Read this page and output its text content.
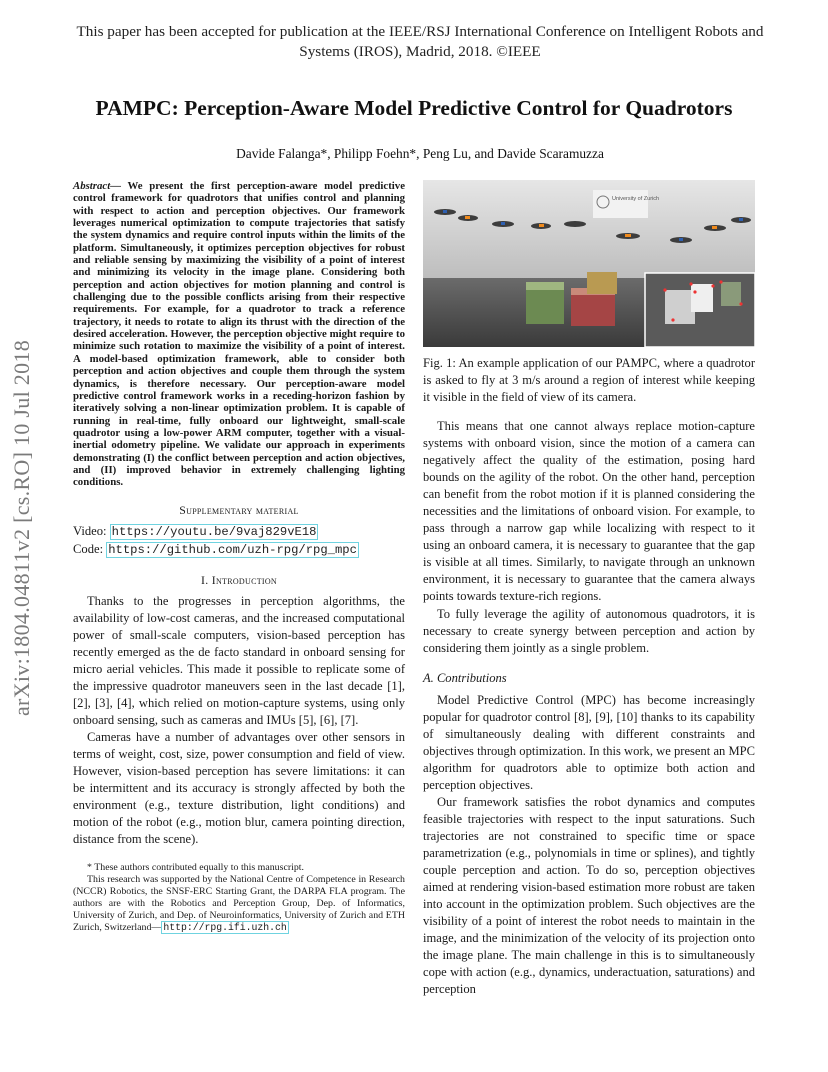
This paper has been accepted for publication at the IEEE/RSJ International Conference on Intelligent Robots and Systems (IROS), Madrid, 2018. ©IEEE
PAMPC: Perception-Aware Model Predictive Control for Quadrotors
Davide Falanga*, Philipp Foehn*, Peng Lu, and Davide Scaramuzza
arXiv:1804.04811v2 [cs.RO] 10 Jul 2018

Abstract— We present the first perception-aware model predictive control framework for quadrotors that unifies control and planning with respect to action and perception objectives. Our framework leverages numerical optimization to compute trajectories that satisfy the system dynamics and require control inputs within the limits of the platform. Simultaneously, it optimizes perception objectives for robust and reliable sensing by maximizing the visibility of a point of interest and minimizing its velocity in the image plane. Considering both perception and action objectives for motion planning and control is challenging due to the possible conflicts arising from their respective requirements. For example, for a quadrotor to track a reference trajectory, it needs to rotate to align its thrust with the direction of the desired acceleration. However, the perception objective might require to minimize such rotation to maximize the visibility of a point of interest. A model-based optimization framework, able to consider both perception and action objectives and couple them through the system dynamics, is therefore necessary. Our perception-aware model predictive control framework works in a receding-horizon fashion by iteratively solving a non-linear optimization problem. It is capable of running in real-time, fully onboard our lightweight, small-scale quadrotor using a low-power ARM computer, together with a visual-inertial odometry pipeline. We validate our approach in experiments demonstrating (I) the conflict between perception and action objectives, and (II) improved behavior in extremely challenging lighting conditions.

Supplementary material
Video: https://youtu.be/9vaj829vE18
Code: https://github.com/uzh-rpg/rpg_mpc
I. Introduction

Thanks to the progresses in perception algorithms, the availability of low-cost cameras, and the increased computational power of small-scale computers, vision-based perception has recently emerged as the de facto standard in onboard sensing for micro aerial vehicles. This made it possible to replicate some of the impressive quadrotor maneuvers seen in the last decade [1], [2], [3], [4], which relied on motion-capture systems, using only onboard sensing, such as cameras and IMUs [5], [6], [7].

Cameras have a number of advantages over other sensors in terms of weight, cost, size, power consumption and field of view. However, vision-based perception has severe limitations: it can be intermittent and its accuracy is strongly affected by both the environment (e.g., texture distribution, light conditions) and motion of the robot (e.g., motion blur, camera pointing direction, distance from the scene).

* These authors contributed equally to this manuscript.

This research was supported by the National Centre of Competence in Research (NCCR) Robotics, the SNSF-ERC Starting Grant, the DARPA FLA program. The authors are with the Robotics and Perception Group, Dep. of Informatics, University of Zurich, and Dep. of Neuroinformatics, University of Zurich and ETH Zurich, Switzerland— http://rpg.ifi.uzh.ch

University of Zurich

Fig. 1: An example application of our PAMPC, where a quadrotor is asked to fly at 3 m/s around a region of interest while keeping it visible in the field of view of its camera.

This means that one cannot always replace motion-capture systems with onboard vision, since the motion of a camera can negatively affect the quality of the estimation, posing hard bounds on the agility of the robot. On the other hand, perception can benefit from the robot motion if it is planned considering the necessities and the limitations of onboard vision. For example, to pass through a narrow gap while localizing with respect to it using an onboard camera, it is necessary to guarantee that the gap is visible at all times. Similarly, to navigate through an unknown environment, it is necessary to guarantee that the camera always points towards texture-rich regions.

To fully leverage the agility of autonomous quadrotors, it is necessary to create synergy between perception and action by considering them jointly as a single problem.

A. Contributions

Model Predictive Control (MPC) has become increasingly popular for quadrotor control [8], [9], [10] thanks to its capability of simultaneously dealing with different constraints and objectives through optimization. In this work, we present an MPC algorithm for quadrotors able to optimize both action and perception objectives.

Our framework satisfies the robot dynamics and computes feasible trajectories with respect to the input saturations. Such trajectories are not constrained to specific time or space parametrization (e.g., polynomials in time or splines), and tightly couple perception and action. To do so, perception objectives aimed at rendering vision-based estimation more robust are taken into account in the optimization problem. Such objectives are the visibility of a point of interest the robot needs to maintain in the image, and the minimization of the velocity of its projection onto the image plane. The main challenge in this is to simultaneously cope with action (e.g., dynamics, underactuation, saturations) and perception
